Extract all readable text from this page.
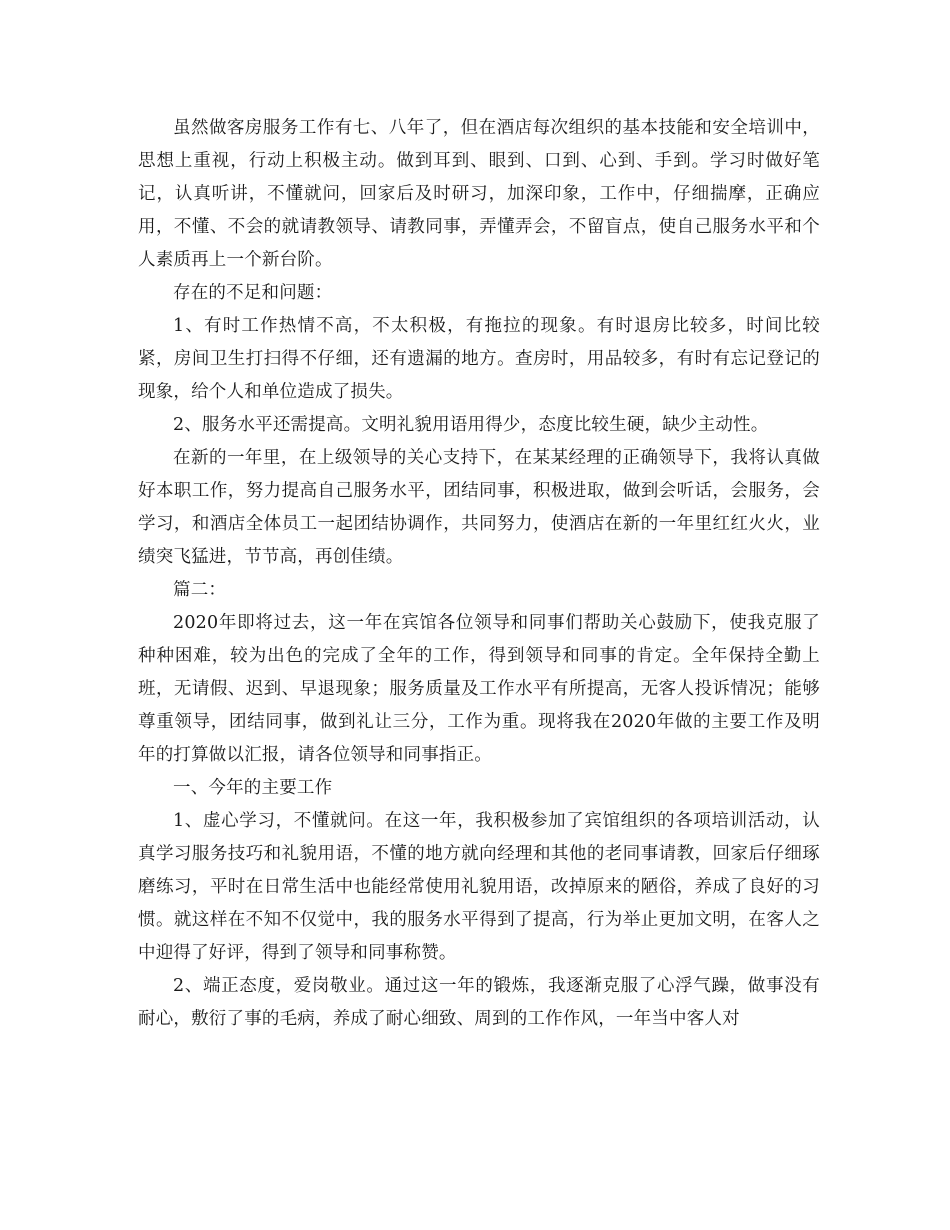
虽然做客房服务工作有七、八年了，但在酒店每次组织的基本技能和安全培训中，思想上重视，行动上积极主动。做到耳到、眼到、口到、心到、手到。学习时做好笔记，认真听讲，不懂就问，回家后及时研习，加深印象，工作中，仔细揣摩，正确应用，不懂、不会的就请教领导、请教同事，弄懂弄会，不留盲点，使自己服务水平和个人素质再上一个新台阶。

存在的不足和问题：

1、有时工作热情不高，不太积极，有拖拉的现象。有时退房比较多，时间比较紧，房间卫生打扫得不仔细，还有遗漏的地方。查房时，用品较多，有时有忘记登记的现象，给个人和单位造成了损失。

2、服务水平还需提高。文明礼貌用语用得少，态度比较生硬，缺少主动性。

在新的一年里，在上级领导的关心支持下，在某某经理的正确领导下，我将认真做好本职工作，努力提高自己服务水平，团结同事，积极进取，做到会听话，会服务，会学习，和酒店全体员工一起团结协调作，共同努力，使酒店在新的一年里红红火火，业绩突飞猛进，节节高，再创佳绩。

篇二：

2020年即将过去，这一年在宾馆各位领导和同事们帮助关心鼓励下，使我克服了种种困难，较为出色的完成了全年的工作，得到领导和同事的肯定。全年保持全勤上班，无请假、迟到、早退现象；服务质量及工作水平有所提高，无客人投诉情况；能够尊重领导，团结同事，做到礼让三分，工作为重。现将我在2020年做的主要工作及明年的打算做以汇报，请各位领导和同事指正。

一、今年的主要工作

1、虚心学习，不懂就问。在这一年，我积极参加了宾馆组织的各项培训活动，认真学习服务技巧和礼貌用语，不懂的地方就向经理和其他的老同事请教，回家后仔细琢磨练习，平时在日常生活中也能经常使用礼貌用语，改掉原来的陋俗，养成了良好的习惯。就这样在不知不仅觉中，我的服务水平得到了提高，行为举止更加文明，在客人之中迎得了好评，得到了领导和同事称赞。

2、端正态度，爱岗敬业。通过这一年的锻炼，我逐渐克服了心浮气躁，做事没有耐心，敷衍了事的毛病，养成了耐心细致、周到的工作作风，一年当中客人对
